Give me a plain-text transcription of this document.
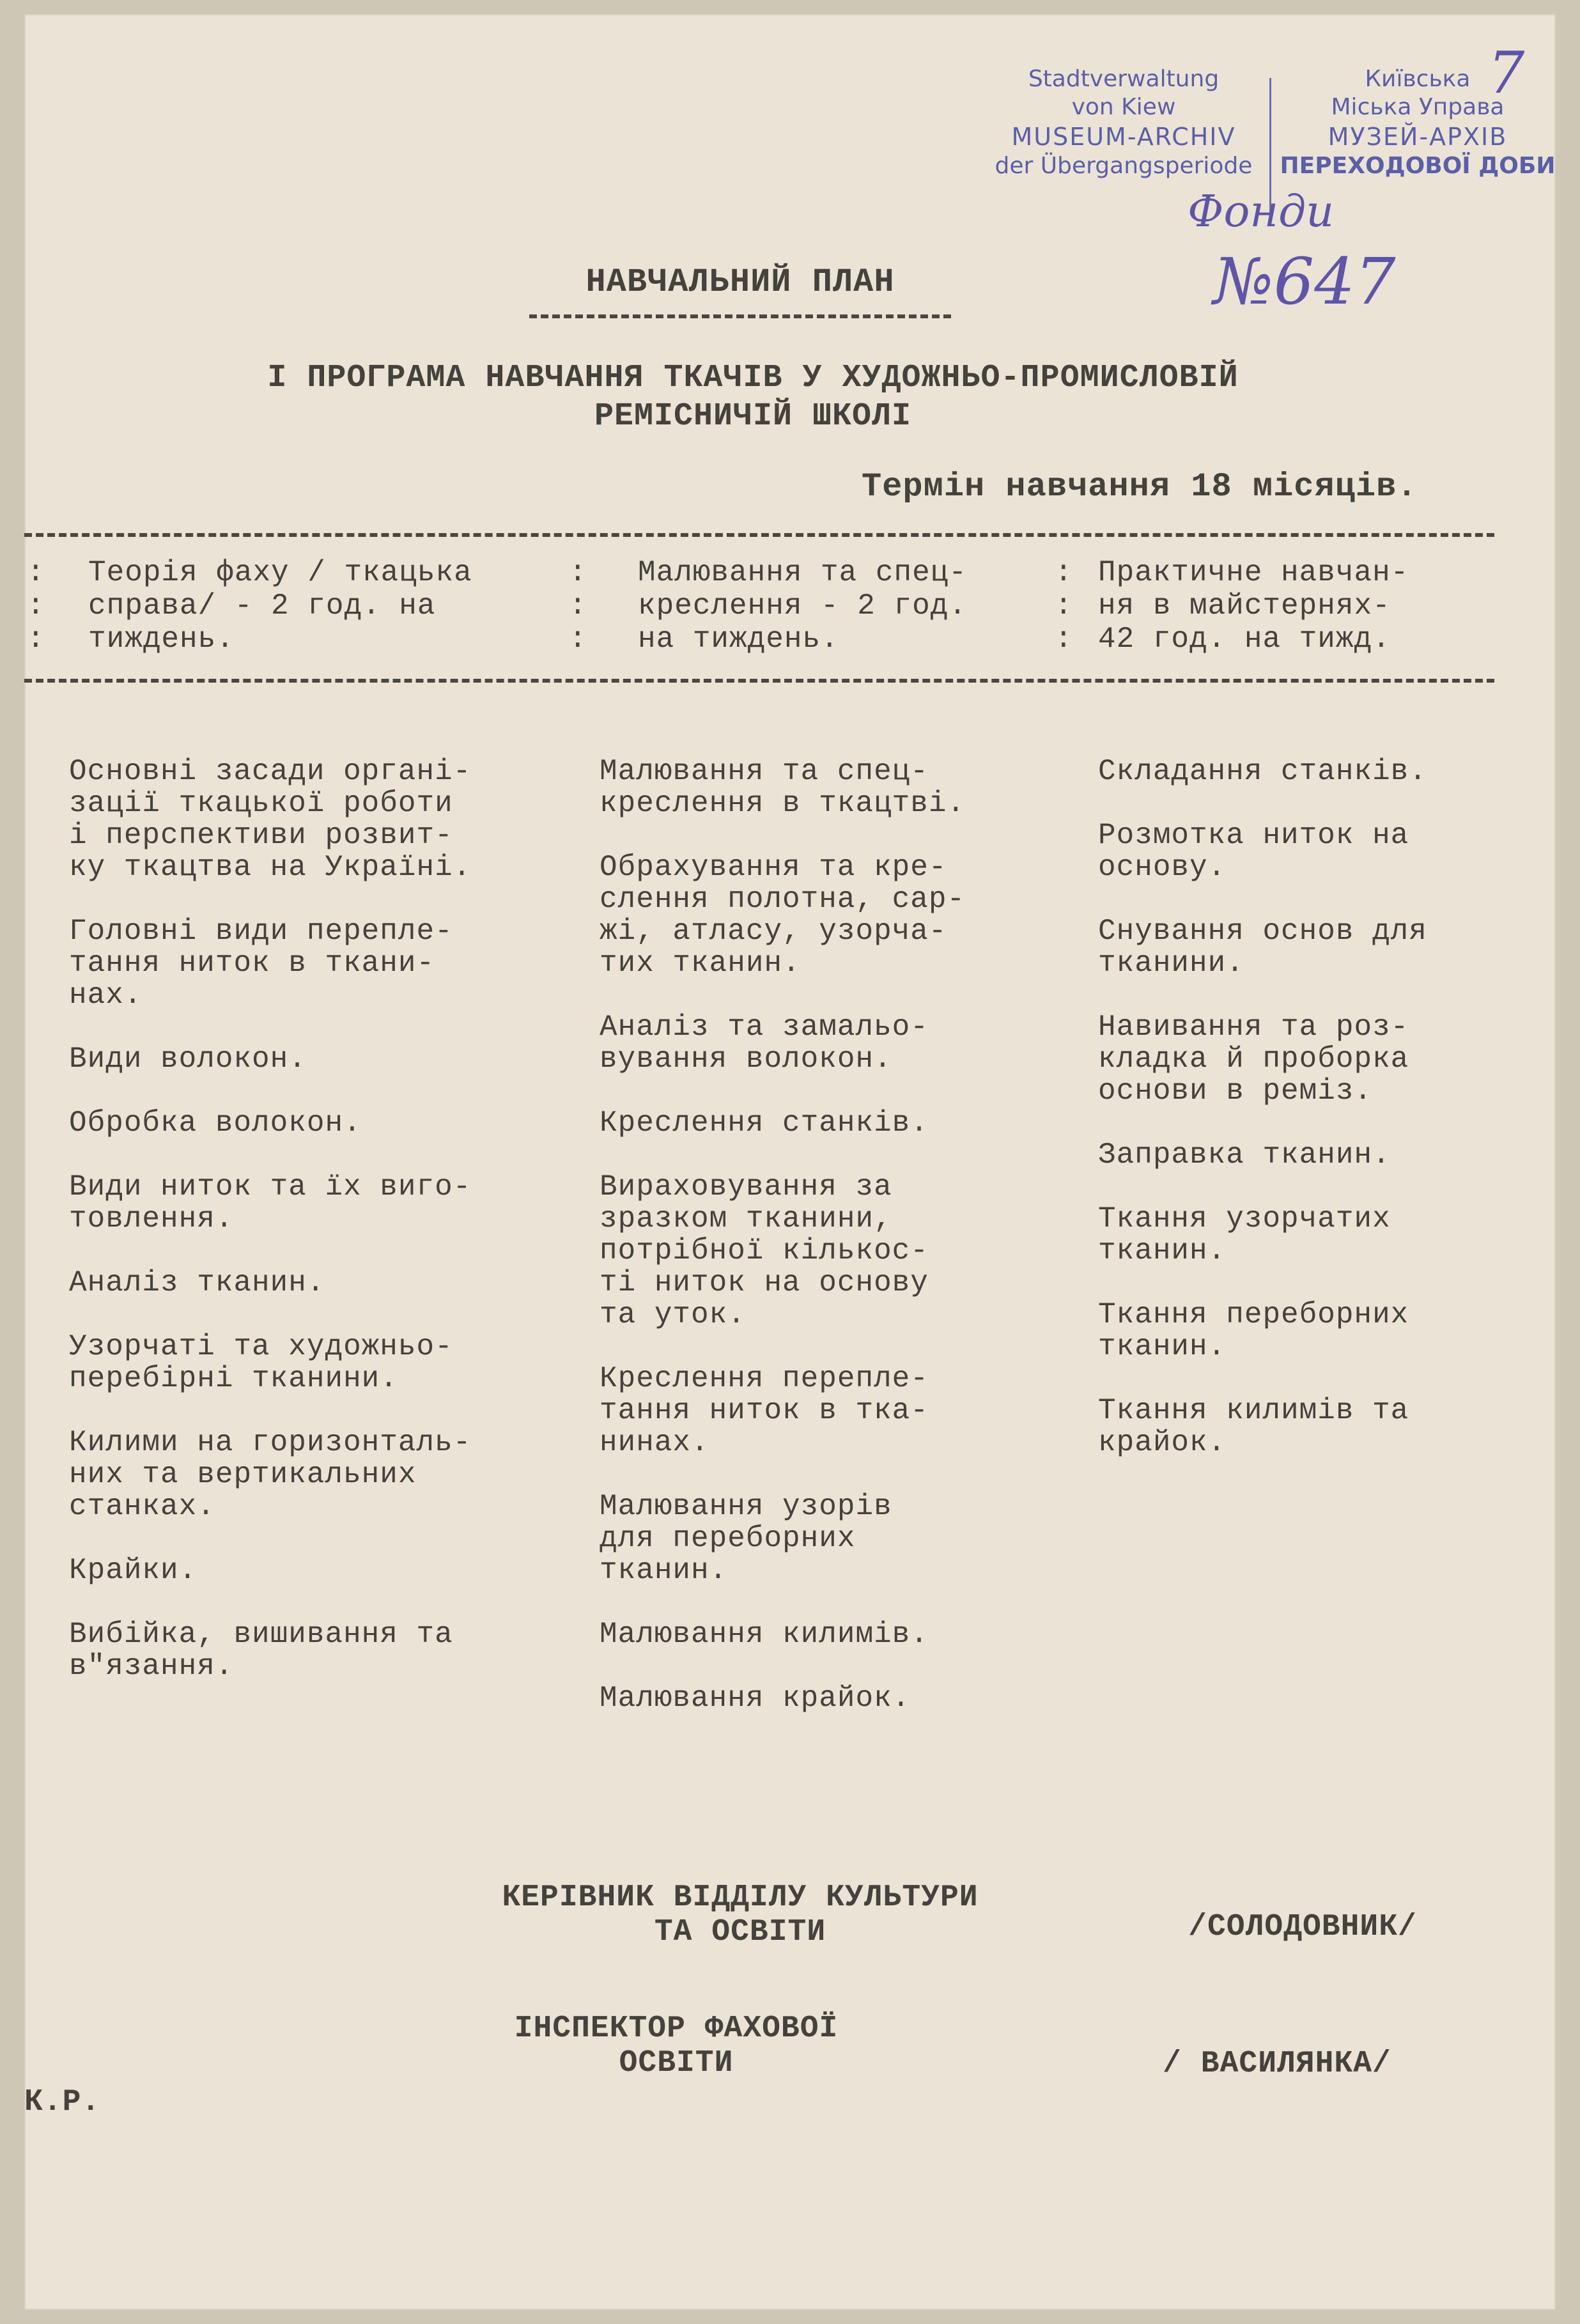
Stadtverwaltung
von Kiew
MUSEUM-ARCHIV
der Übergangsperiode
Київська
Міська Управа
МУЗЕЙ-АРХІВ
ПЕРЕХОДОВОЇ ДОБИ
7
Фонди
№647
НАВЧАЛЬНИЙ ПЛАН
І ПРОГРАМА НАВЧАННЯ ТКАЧІВ У ХУДОЖНЬО-ПРОМИСЛОВІЙ
РЕМІСНИЧІЙ ШКОЛІ
Термін навчання 18 місяців.
Теорія фаху / ткацька
справа/ - 2 год. на
тиждень.
Малювання та спец-
креслення - 2 год.
на тиждень.
Практичне навчан-
ня в майстернях-
42 год. на тижд.
:
:
:
:
:
:
:
:
:
Основні засади органі-
зації ткацької роботи
і перспективи розвит-
ку ткацтва на Україні.
Головні види перепле-
тання ниток в ткани-
нах.
Види волокон.
Обробка волокон.
Види ниток та їх виго-
товлення.
Аналіз тканин.
Узорчаті та художньо-
перебірні тканини.
Килими на горизонталь-
них та вертикальних
станках.
Крайки.
Вибійка, вишивання та
в"язання.
Малювання та спец-
креслення в ткацтві.
Обрахування та кре-
слення полотна, сар-
жі, атласу, узорча-
тих тканин.
Аналіз та замальо-
вування волокон.
Креслення станків.
Вираховування за
зразком тканини,
потрібної кількос-
ті ниток на основу
та уток.
Креслення перепле-
тання ниток в тка-
нинах.
Малювання узорів
для переборних
тканин.
Малювання килимів.
Малювання крайок.
Складання станків.
Розмотка ниток на
основу.
Снування основ для
тканини.
Навивання та роз-
кладка й проборка
основи в реміз.
Заправка тканин.
Ткання узорчатих
тканин.
Ткання переборних
тканин.
Ткання килимів та
крайок.
КЕРІВНИК ВІДДІЛУ КУЛЬТУРИ
ТА ОСВІТИ	/СОЛОДОВНИК/
ІНСПЕКТОР ФАХОВОЇ
ОСВІТИ	/ ВАСИЛЯНКА/
К.Р.
